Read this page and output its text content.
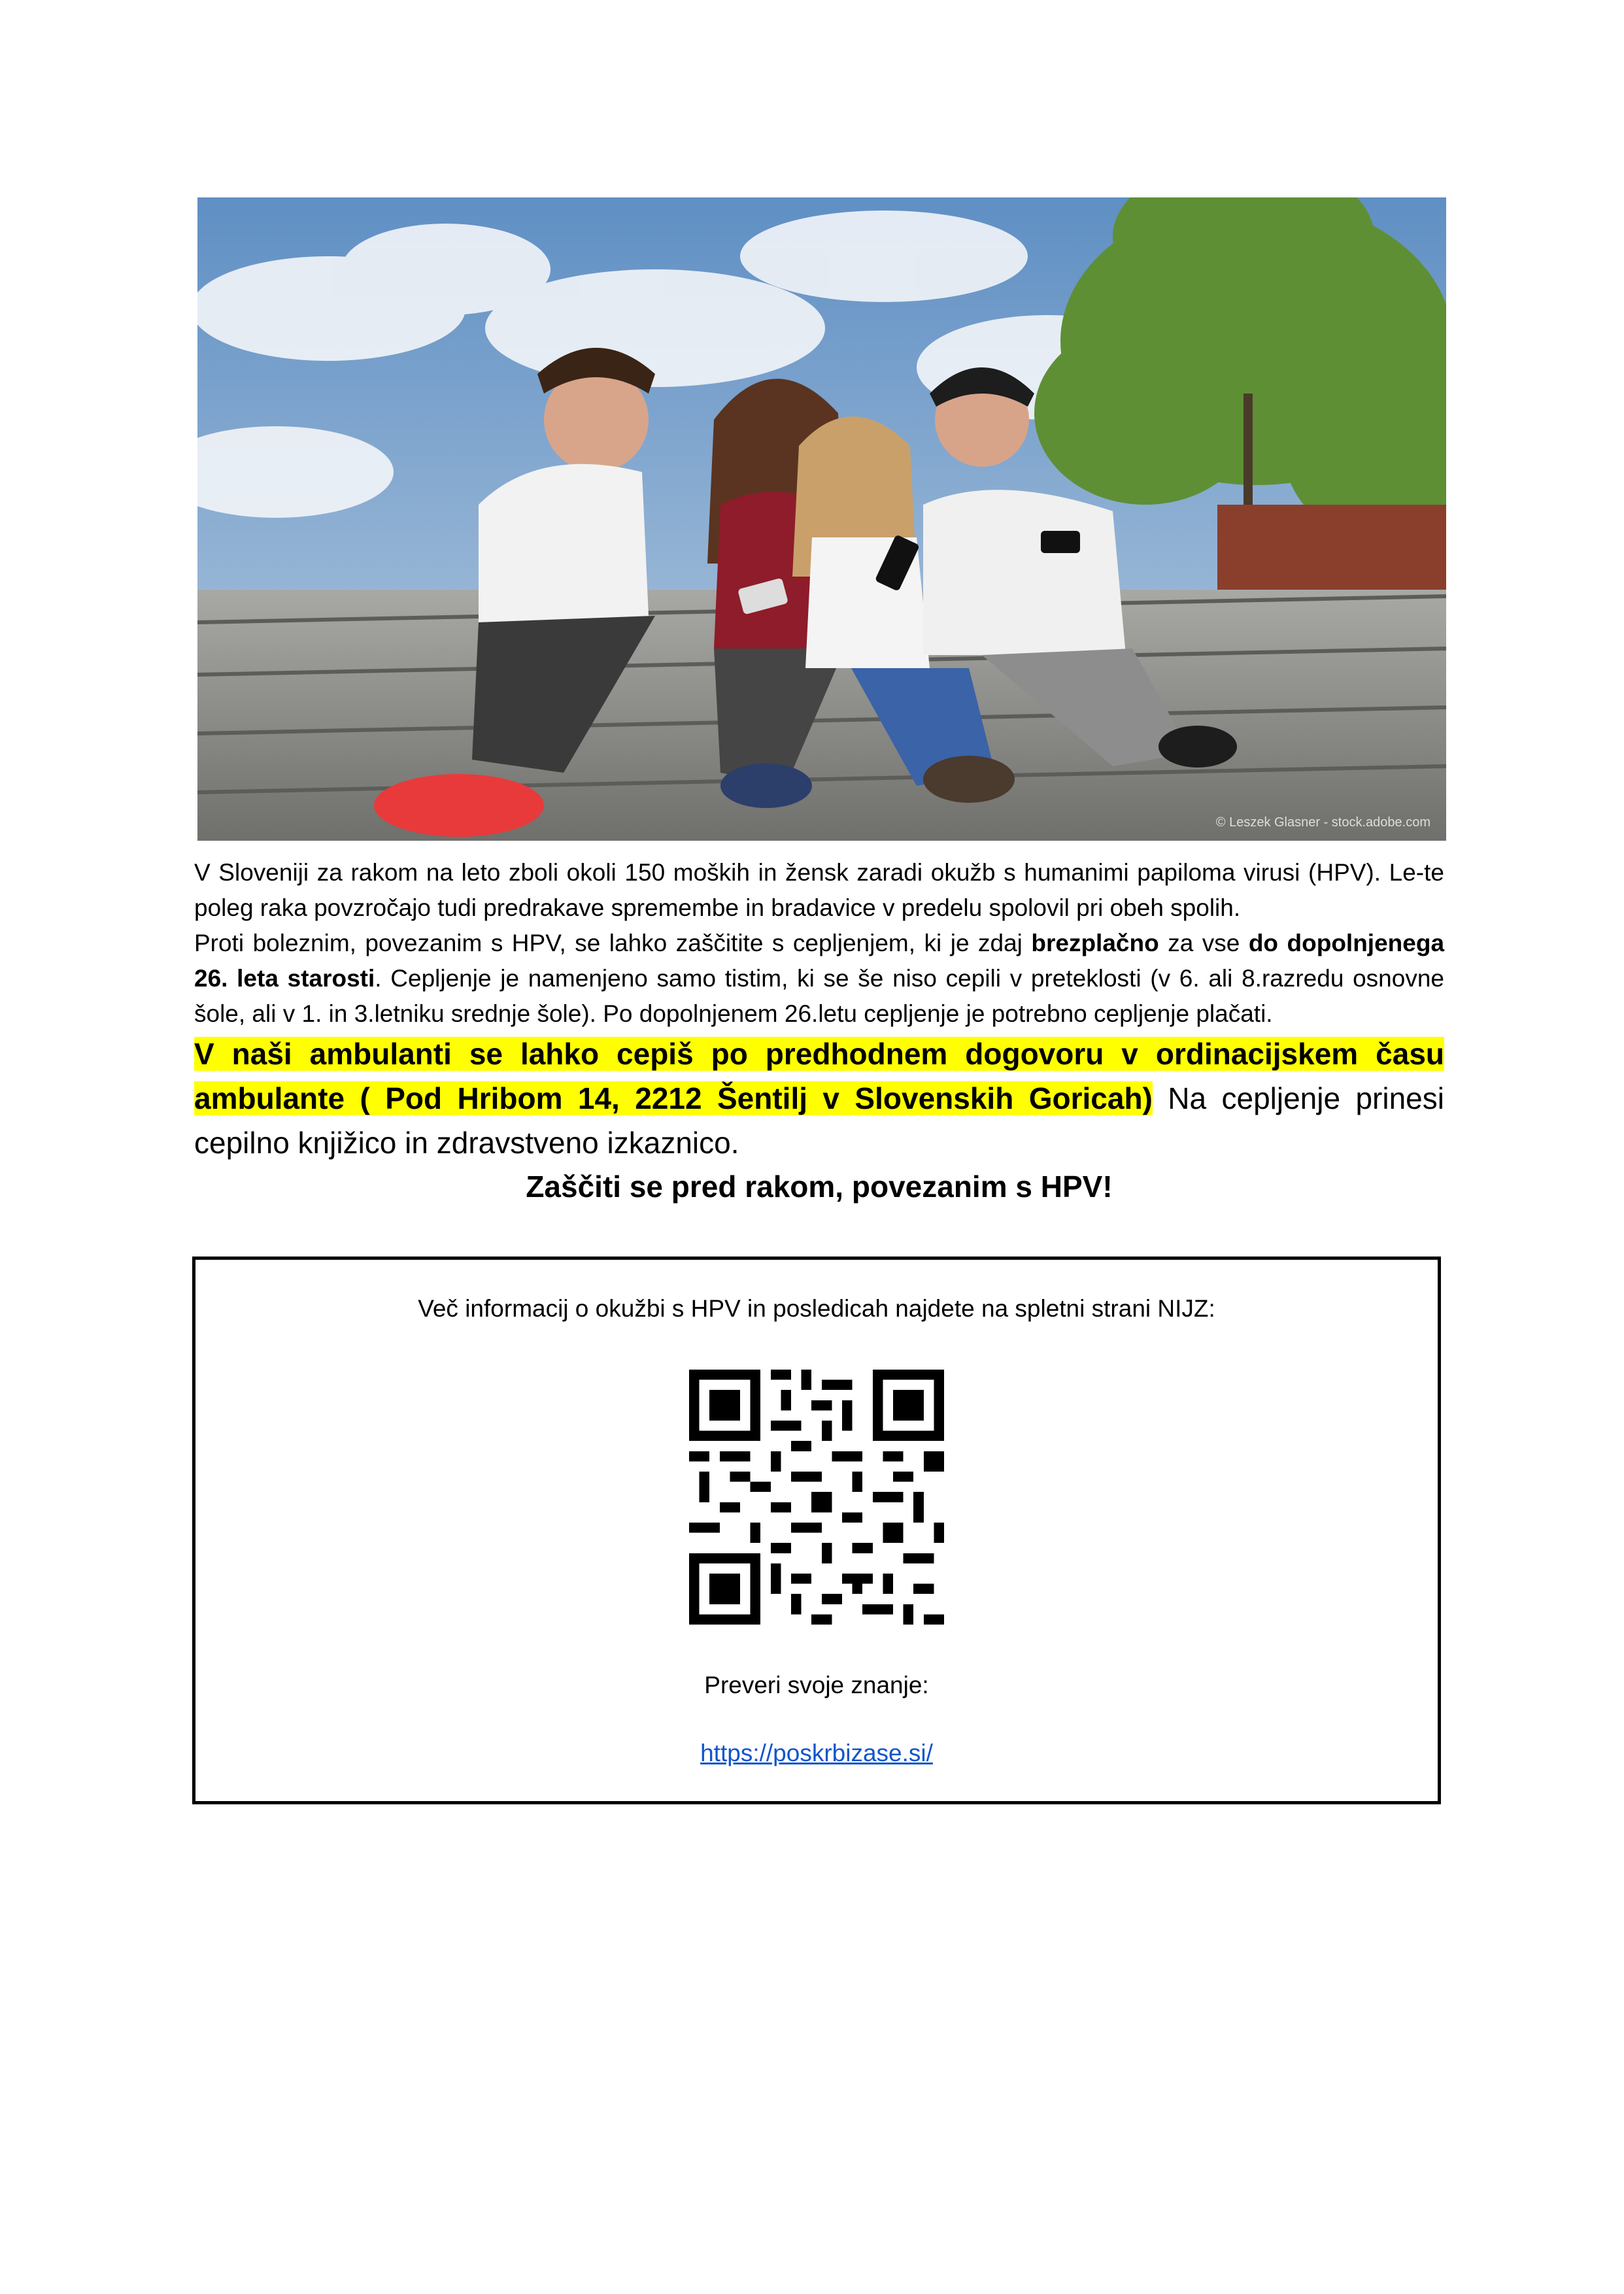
© Leszek Glasner - stock.adobe.com

V Sloveniji za rakom na leto zboli okoli 150 moških in žensk zaradi okužb s humanimi papiloma virusi (HPV). Le-te poleg raka povzročajo tudi predrakave spremembe in bradavice v predelu spolovil pri obeh spolih.

Proti boleznim, povezanim s HPV, se lahko zaščitite s cepljenjem, ki je zdaj brezplačno za vse do dopolnjenega 26. leta starosti. Cepljenje je namenjeno samo tistim, ki se še niso cepili v preteklosti (v 6. ali 8.razredu osnovne šole, ali v 1. in 3.letniku srednje šole). Po dopolnjenem 26.letu cepljenje je potrebno cepljenje plačati.

V naši ambulanti se lahko cepiš po predhodnem dogovoru v ordinacijskem času ambulante ( Pod Hribom 14, 2212 Šentilj v Slovenskih Goricah) Na cepljenje prinesi cepilno knjižico in zdravstveno izkaznico.

Zaščiti se pred rakom, povezanim s HPV!
Več informacij o okužbi s HPV in posledicah najdete na spletni strani NIJZ:
Preveri svoje znanje:
https://poskrbizase.si/
